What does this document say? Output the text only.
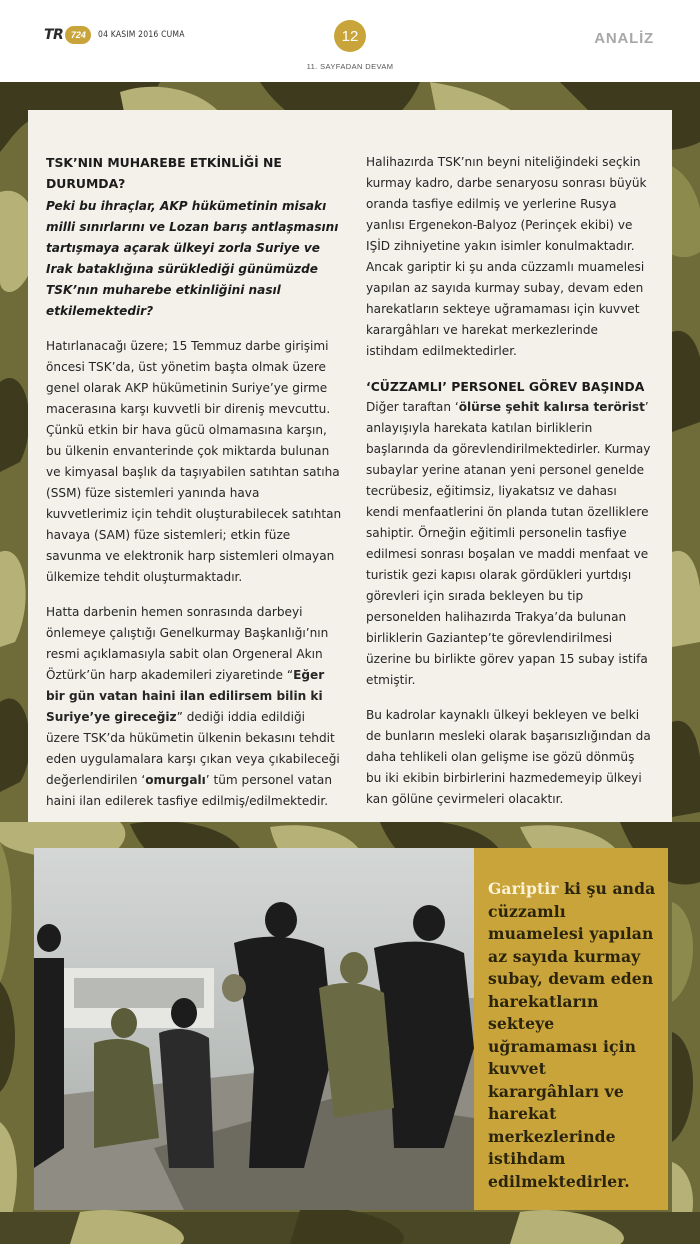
TR 724	04 KASIM 2016 CUMA	12
11. SAYFADAN DEVAM
ANALİZ

TSK’NIN MUHAREBE ETKİNLİĞİ NE DURUMDA?

Peki bu ihraçlar, AKP hükümetinin misakı milli sınırlarını ve Lozan barış antlaşmasını tartışmaya açarak ülkeyi zorla Suriye ve Irak bataklığına sürüklediği günümüzde TSK’nın muharebe etkinliğini nasıl etkilemektedir?

Hatırlanacağı üzere; 15 Temmuz darbe girişimi öncesi TSK’da, üst yönetim başta olmak üzere genel olarak AKP hükümetinin Suriye’ye girme macerasına karşı kuvvetli bir direniş mevcuttu. Çünkü etkin bir hava gücü olmamasına karşın, bu ülkenin envanterinde çok miktarda bulunan ve kimyasal başlık da taşıyabilen satıhtan satıha (SSM) füze sistemleri yanında hava kuvvetlerimiz için tehdit oluşturabilecek satıhtan havaya (SAM) füze sistemleri; etkin füze savunma ve elektronik harp sistemleri olmayan ülkemize tehdit oluşturmaktadır.

Hatta darbenin hemen sonrasında darbeyi önlemeye çalıştığı Genelkurmay Başkanlığı’nın resmi açıklamasıyla sabit olan Orgeneral Akın Öztürk’ün harp akademileri ziyaretinde “Eğer bir gün vatan haini ilan edilirsem bilin ki Suriye’ye gireceğiz” dediği iddia edildiği üzere TSK’da hükümetin ülkenin bekasını tehdit eden uygulamalara karşı çıkan veya çıkabileceği değerlendirilen ‘omurgalı’ tüm personel vatan haini ilan edilerek tasfiye edilmiş/edilmektedir.

Halihazırda TSK’nın beyni niteliğindeki seçkin kurmay kadro, darbe senaryosu sonrası büyük oranda tasfiye edilmiş ve yerlerine Rusya yanlısı Ergenekon-Balyoz (Perinçek ekibi) ve IŞİD zihniyetine yakın isimler konulmaktadır. Ancak gariptir ki şu anda cüzzamlı muamelesi yapılan az sayıda kurmay subay, devam eden harekatların sekteye uğramaması için kuvvet karargâhları ve harekat merkezlerinde istihdam edilmektedirler.

‘CÜZZAMLI’ PERSONEL GÖREV BAŞINDA

Diğer taraftan ‘ölürse şehit kalırsa terörist’ anlayışıyla harekata katılan birliklerin başlarında da görevlendirilmektedirler. Kurmay subaylar yerine atanan yeni personel genelde tecrübesiz, eğitimsiz, liyakatsız ve dahası kendi menfaatlerini ön planda tutan özelliklere sahiptir. Örneğin eğitimli personelin tasfiye edilmesi sonrası boşalan ve maddi menfaat ve turistik gezi kapısı olarak gördükleri yurtdışı görevleri için sırada bekleyen bu tip personelden halihazırda Trakya’da bulunan birliklerin Gaziantep’te görevlendirilmesi üzerine bu birlikte görev yapan 15 subay istifa etmiştir.

Bu kadrolar kaynaklı ülkeyi bekleyen ve belki de bunların mesleki olarak başarısızlığından da daha tehlikeli olan gelişme ise gözü dönmüş bu iki ekibin birbirlerini hazmedemeyip ülkeyi kan gölüne çevirmeleri olacaktır.

Gariptir ki şu anda cüzzamlı muamelesi yapılan az sayıda kurmay subay, devam eden harekatların sekteye uğramaması için kuvvet karargâhları ve harekat merkezlerinde istihdam edilmektedirler.
